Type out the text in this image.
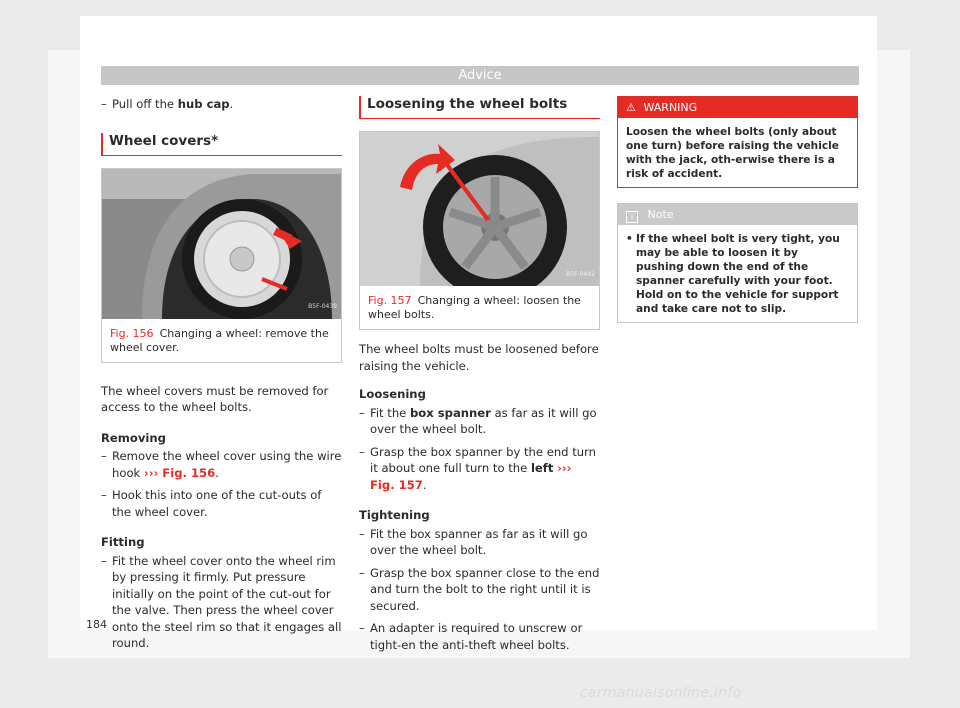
Advice

– Pull off the hub cap.

Wheel covers*
B5F-0439
Fig. 156 Changing a wheel: remove the wheel cover.

The wheel covers must be removed for access to the wheel bolts.

Removing

– Remove the wheel cover using the wire hook ››› Fig. 156.

– Hook this into one of the cut-outs of the wheel cover.

Fitting

– Fit the wheel cover onto the wheel rim by pressing it firmly. Put pressure initially on the point of the cut-out for the valve. Then press the wheel cover onto the steel rim so that it engages all round.

Loosening the wheel bolts
B5F-0442
Fig. 157 Changing a wheel: loosen the wheel bolts.

The wheel bolts must be loosened before raising the vehicle.

Loosening

– Fit the box spanner as far as it will go over the wheel bolt.

– Grasp the box spanner by the end turn it about one full turn to the left ››› Fig. 157.

Tightening

– Fit the box spanner as far as it will go over the wheel bolt.

– Grasp the box spanner close to the end and turn the bolt to the right until it is secured.

– An adapter is required to unscrew or tight-en the anti-theft wheel bolts.

⚠ WARNING
Loosen the wheel bolts (only about one turn) before raising the vehicle with the jack, oth-erwise there is a risk of accident.
i Note
• If the wheel bolt is very tight, you may be able to loosen it by pushing down the end of the spanner carefully with your foot. Hold on to the vehicle for support and take care not to slip.
184
carmanualsonline.info
